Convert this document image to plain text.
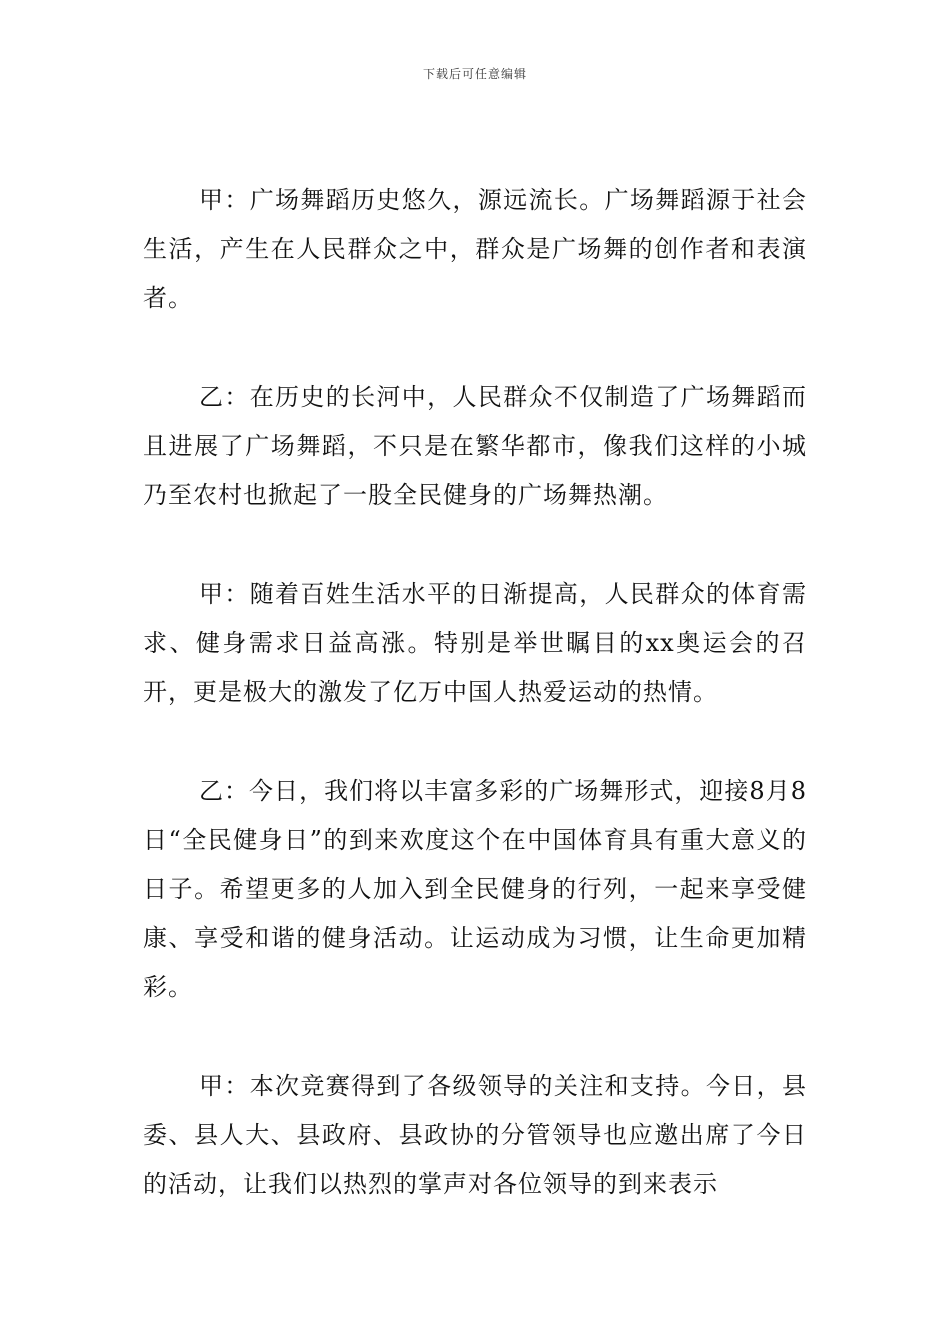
下载后可任意编辑

甲：广场舞蹈历史悠久，源远流长。广场舞蹈源于社会生活，产生在人民群众之中，群众是广场舞的创作者和表演者。

乙：在历史的长河中，人民群众不仅制造了广场舞蹈而且进展了广场舞蹈，不只是在繁华都市，像我们这样的小城乃至农村也掀起了一股全民健身的广场舞热潮。

甲：随着百姓生活水平的日渐提高，人民群众的体育需求、健身需求日益高涨。特别是举世瞩目的xx奥运会的召开，更是极大的激发了亿万中国人热爱运动的热情。

乙：今日，我们将以丰富多彩的广场舞形式，迎接8月8日“全民健身日”的到来欢度这个在中国体育具有重大意义的日子。希望更多的人加入到全民健身的行列，一起来享受健康、享受和谐的健身活动。让运动成为习惯，让生命更加精彩。

甲：本次竞赛得到了各级领导的关注和支持。今日，县委、县人大、县政府、县政协的分管领导也应邀出席了今日的活动，让我们以热烈的掌声对各位领导的到来表示
